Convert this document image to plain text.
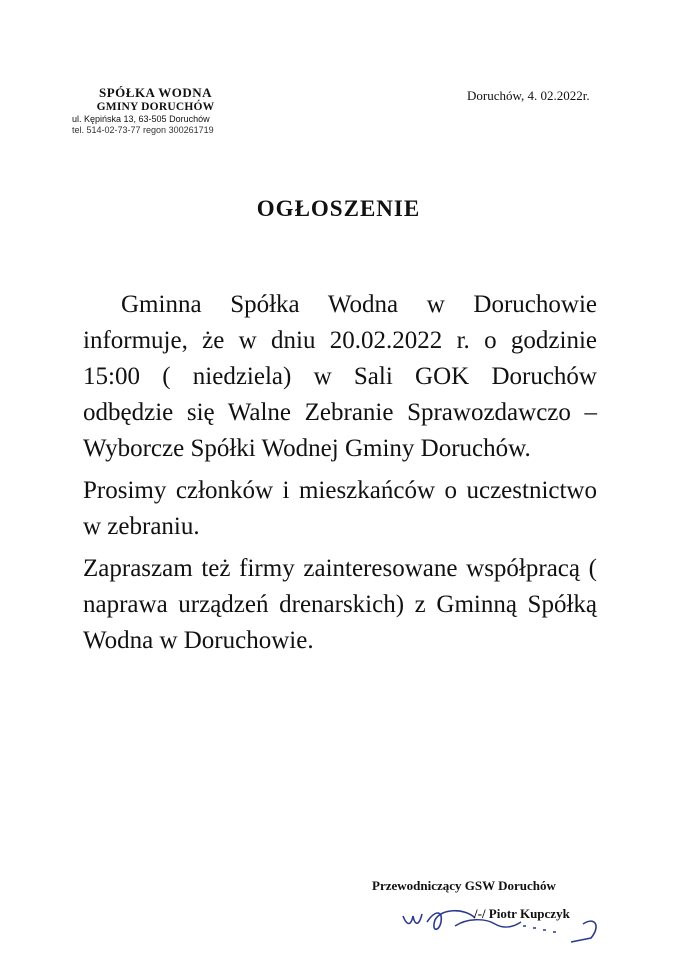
SPÓŁKA WODNA
GMINY DORUCHÓW
ul. Kępińska 13, 63-505 Doruchów
tel. 514-02-73-77 regon 300261719
Doruchów, 4. 02.2022r.
OGŁOSZENIE

Gminna Spółka Wodna w Doruchowie informuje, że w dniu 20.02.2022 r. o godzinie 15:00 ( niedziela) w Sali GOK Doruchów odbędzie się Walne Zebranie Sprawozdawczo – Wyborcze Spółki Wodnej Gminy Doruchów.

Prosimy członków i mieszkańców o uczestnictwo w zebraniu.

Zapraszam też firmy zainteresowane współpracą ( naprawa urządzeń drenarskich) z Gminną Spółką Wodna w Doruchowie.

Przewodniczący GSW Doruchów
/-/ Piotr Kupczyk
